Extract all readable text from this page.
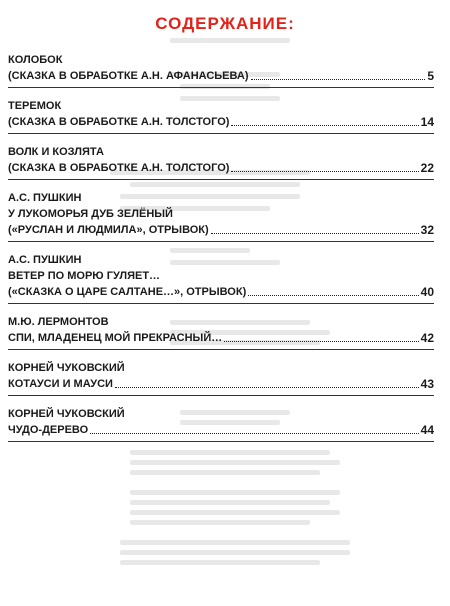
СОДЕРЖАНИЕ:
КОЛОБОК
(СКАЗКА В ОБРАБОТКЕ А.Н. АФАНАСЬЕВА)	5
ТЕРЕМОК
(СКАЗКА В ОБРАБОТКЕ А.Н. ТОЛСТОГО)	14
ВОЛК И КОЗЛЯТА
(СКАЗКА В ОБРАБОТКЕ А.Н. ТОЛСТОГО)	22
А.С. ПУШКИН
У ЛУКОМОРЬЯ ДУБ ЗЕЛЁНЫЙ
(«РУСЛАН И ЛЮДМИЛА», ОТРЫВОК)	32
А.С. ПУШКИН
ВЕТЕР ПО МОРЮ ГУЛЯЕТ…
(«СКАЗКА О ЦАРЕ САЛТАНЕ…», ОТРЫВОК)	40
М.Ю. ЛЕРМОНТОВ
СПИ, МЛАДЕНЕЦ МОЙ ПРЕКРАСНЫЙ…	42
КОРНЕЙ ЧУКОВСКИЙ
КОТАУСИ И МАУСИ	43
КОРНЕЙ ЧУКОВСКИЙ
ЧУДО-ДЕРЕВО	44
